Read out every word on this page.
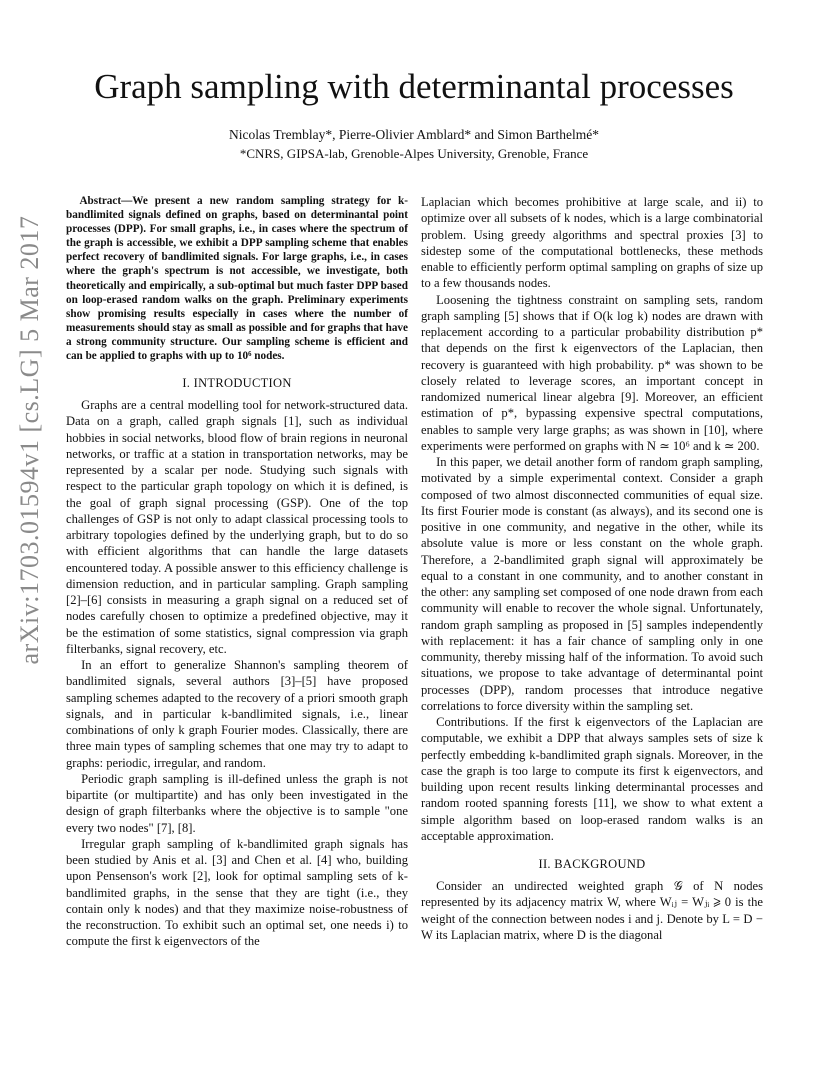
arXiv:1703.01594v1 [cs.LG] 5 Mar 2017
Graph sampling with determinantal processes
Nicolas Tremblay*, Pierre-Olivier Amblard* and Simon Barthelmé*
*CNRS, GIPSA-lab, Grenoble-Alpes University, Grenoble, France

Abstract—We present a new random sampling strategy for k-bandlimited signals defined on graphs, based on determinantal point processes (DPP). For small graphs, i.e., in cases where the spectrum of the graph is accessible, we exhibit a DPP sampling scheme that enables perfect recovery of bandlimited signals. For large graphs, i.e., in cases where the graph's spectrum is not accessible, we investigate, both theoretically and empirically, a sub-optimal but much faster DPP based on loop-erased random walks on the graph. Preliminary experiments show promising results especially in cases where the number of measurements should stay as small as possible and for graphs that have a strong community structure. Our sampling scheme is efficient and can be applied to graphs with up to 10⁶ nodes.

I. INTRODUCTION

Graphs are a central modelling tool for network-structured data. Data on a graph, called graph signals [1], such as individual hobbies in social networks, blood flow of brain regions in neuronal networks, or traffic at a station in transportation networks, may be represented by a scalar per node. Studying such signals with respect to the particular graph topology on which it is defined, is the goal of graph signal processing (GSP). One of the top challenges of GSP is not only to adapt classical processing tools to arbitrary topologies defined by the underlying graph, but to do so with efficient algorithms that can handle the large datasets encountered today. A possible answer to this efficiency challenge is dimension reduction, and in particular sampling. Graph sampling [2]–[6] consists in measuring a graph signal on a reduced set of nodes carefully chosen to optimize a predefined objective, may it be the estimation of some statistics, signal compression via graph filterbanks, signal recovery, etc.

In an effort to generalize Shannon's sampling theorem of bandlimited signals, several authors [3]–[5] have proposed sampling schemes adapted to the recovery of a priori smooth graph signals, and in particular k-bandlimited signals, i.e., linear combinations of only k graph Fourier modes. Classically, there are three main types of sampling schemes that one may try to adapt to graphs: periodic, irregular, and random.

Periodic graph sampling is ill-defined unless the graph is not bipartite (or multipartite) and has only been investigated in the design of graph filterbanks where the objective is to sample "one every two nodes" [7], [8].

Irregular graph sampling of k-bandlimited graph signals has been studied by Anis et al. [3] and Chen et al. [4] who, building upon Pensenson's work [2], look for optimal sampling sets of k-bandlimited graphs, in the sense that they are tight (i.e., they contain only k nodes) and that they maximize noise-robustness of the reconstruction. To exhibit such an optimal set, one needs i) to compute the first k eigenvectors of the

Laplacian which becomes prohibitive at large scale, and ii) to optimize over all subsets of k nodes, which is a large combinatorial problem. Using greedy algorithms and spectral proxies [3] to sidestep some of the computational bottlenecks, these methods enable to efficiently perform optimal sampling on graphs of size up to a few thousands nodes.

Loosening the tightness constraint on sampling sets, random graph sampling [5] shows that if O(k log k) nodes are drawn with replacement according to a particular probability distribution p* that depends on the first k eigenvectors of the Laplacian, then recovery is guaranteed with high probability. p* was shown to be closely related to leverage scores, an important concept in randomized numerical linear algebra [9]. Moreover, an efficient estimation of p*, bypassing expensive spectral computations, enables to sample very large graphs; as was shown in [10], where experiments were performed on graphs with N ≃ 10⁶ and k ≃ 200.

In this paper, we detail another form of random graph sampling, motivated by a simple experimental context. Consider a graph composed of two almost disconnected communities of equal size. Its first Fourier mode is constant (as always), and its second one is positive in one community, and negative in the other, while its absolute value is more or less constant on the whole graph. Therefore, a 2-bandlimited graph signal will approximately be equal to a constant in one community, and to another constant in the other: any sampling set composed of one node drawn from each community will enable to recover the whole signal. Unfortunately, random graph sampling as proposed in [5] samples independently with replacement: it has a fair chance of sampling only in one community, thereby missing half of the information. To avoid such situations, we propose to take advantage of determinantal point processes (DPP), random processes that introduce negative correlations to force diversity within the sampling set.

Contributions. If the first k eigenvectors of the Laplacian are computable, we exhibit a DPP that always samples sets of size k perfectly embedding k-bandlimited graph signals. Moreover, in the case the graph is too large to compute its first k eigenvectors, and building upon recent results linking determinantal processes and random rooted spanning forests [11], we show to what extent a simple algorithm based on loop-erased random walks is an acceptable approximation.

II. BACKGROUND

Consider an undirected weighted graph 𝒢 of N nodes represented by its adjacency matrix W, where Wᵢⱼ = Wⱼᵢ ⩾ 0 is the weight of the connection between nodes i and j. Denote by L = D − W its Laplacian matrix, where D is the diagonal
